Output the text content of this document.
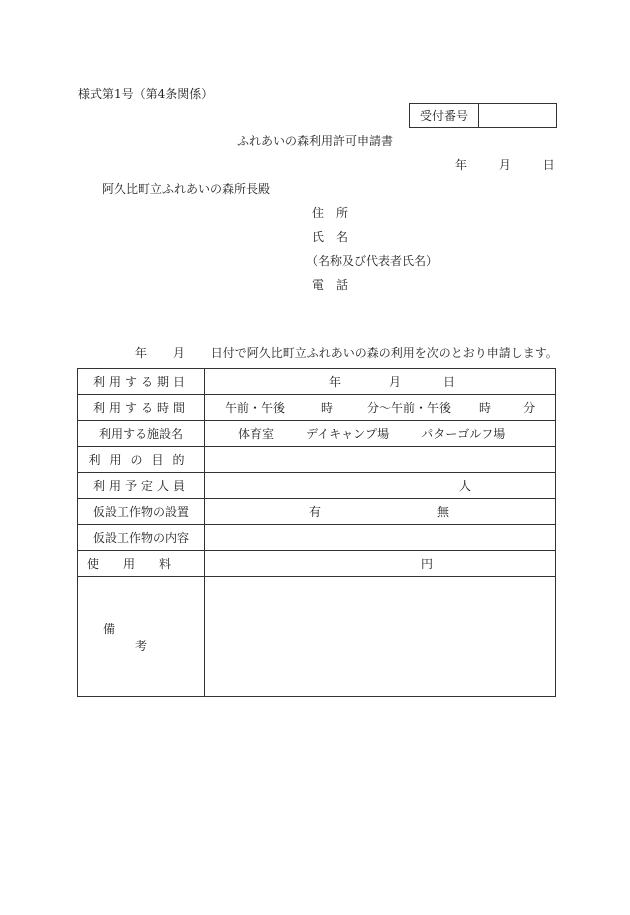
様式第1号（第4条関係）
受付番号
ふれあいの森利用許可申請書
年	月	日
阿久比町立ふれあいの森所長殿
住　所
氏　名
（名称及び代表者氏名）
電　話
年 月 日付で阿久比町立ふれあいの森の利用を次のとおり申請します。
利用する期日	年 月 日

利用する時間	午前・午後 時 分～午前・午後 時 分

利用する施設名	体育室 デイキャンプ場 パターゴルフ場

利用の目的	
利用予定人員	人

仮設工作物の設置	有 無

仮設工作物の内容	
使用料	円

備考	
